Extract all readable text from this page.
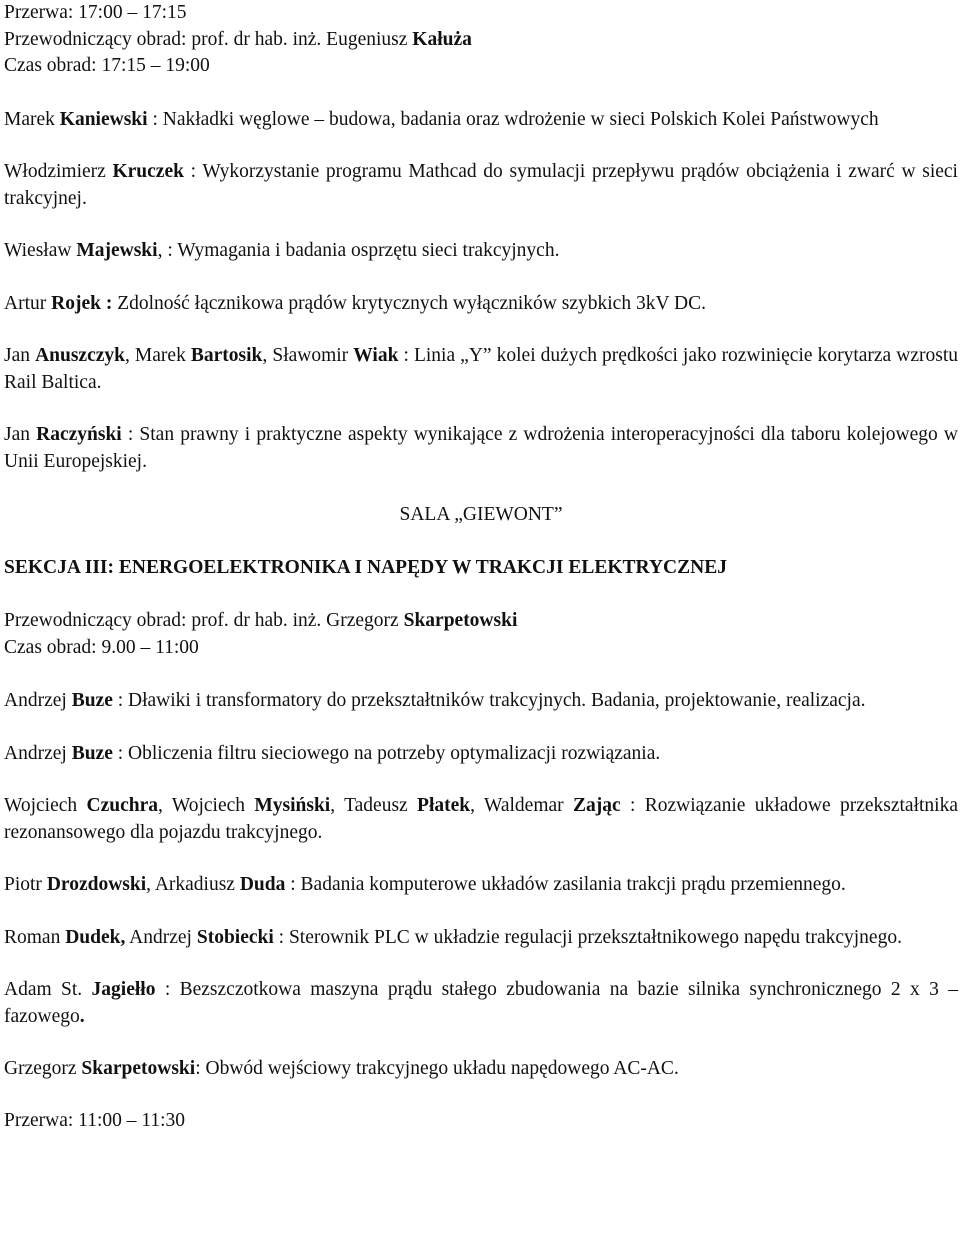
Przerwa: 17:00 – 17:15
Przewodniczący obrad: prof. dr hab. inż. Eugeniusz Kałuża
Czas obrad: 17:15 – 19:00
Marek Kaniewski : Nakładki węglowe – budowa, badania oraz wdrożenie w sieci Polskich Kolei Państwowych
Włodzimierz Kruczek : Wykorzystanie programu Mathcad do symulacji przepływu prądów obciążenia i zwarć w sieci trakcyjnej.
Wiesław Majewski, : Wymagania i badania osprzętu sieci trakcyjnych.
Artur Rojek : Zdolność łącznikowa prądów krytycznych wyłączników szybkich 3kV DC.
Jan Anuszczyk, Marek Bartosik, Sławomir Wiak : Linia „Y” kolei dużych prędkości jako rozwinięcie korytarza wzrostu Rail Baltica.
Jan Raczyński : Stan prawny i praktyczne aspekty wynikające z wdrożenia interoperacyjności dla taboru kolejowego w Unii Europejskiej.
SALA „GIEWONT”
SEKCJA III: ENERGOELEKTRONIKA I NAPĘDY W TRAKCJI ELEKTRYCZNEJ
Przewodniczący obrad: prof. dr hab. inż. Grzegorz Skarpetowski
Czas obrad: 9.00 – 11:00
Andrzej Buze : Dławiki i transformatory do przekształtników trakcyjnych. Badania, projektowanie, realizacja.
Andrzej Buze : Obliczenia filtru sieciowego na potrzeby optymalizacji rozwiązania.
Wojciech Czuchra, Wojciech Mysiński, Tadeusz Płatek, Waldemar Zając : Rozwiązanie układowe przekształtnika rezonansowego dla pojazdu trakcyjnego.
Piotr Drozdowski, Arkadiusz Duda : Badania komputerowe układów zasilania trakcji prądu przemiennego.
Roman Dudek, Andrzej Stobiecki : Sterownik PLC w układzie regulacji przekształtnikowego napędu trakcyjnego.
Adam St. Jagiełło : Bezszczotkowa maszyna prądu stałego zbudowania na bazie silnika synchronicznego 2 x 3 – fazowego.
Grzegorz Skarpetowski: Obwód wejściowy trakcyjnego układu napędowego AC-AC.
Przerwa: 11:00 – 11:30
